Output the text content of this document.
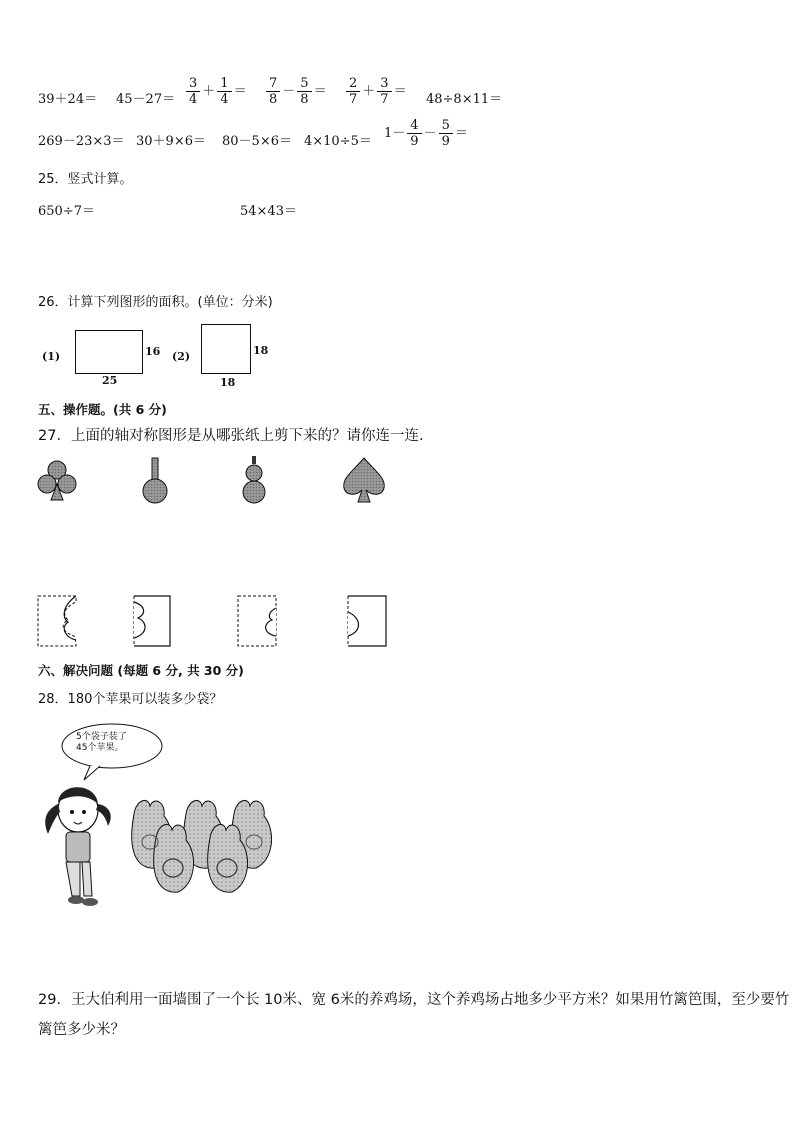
$39+24= 45-27= \frac{3}{4} + \frac{1}{4} = \frac{7}{8} - \frac{5}{8} = \frac{2}{7} + \frac{3}{7}$ ＝
48÷8×11＝
269－23×3＝ 30＋9×6＝ 80－5×6＝ 4×10÷5＝
$1- \frac{4}{9} - \frac{5}{9}$ ＝
25．竖式计算。
650÷7＝	54×43＝
26．计算下列图形的面积。(单位：分米)
(1)	16
25
(2)	18
18
五、操作题。(共 6 分)
27．上面的轴对称图形是从哪张纸上剪下来的？请你连一连.
六、解决问题 (每题 6 分, 共 30 分)
28．180个苹果可以装多少袋？
5个袋子装了
45个苹果。
29．王大伯利用一面墙围了一个长 10米、宽 6米的养鸡场，这个养鸡场占地多少平方米？如果用竹篱笆围，至少要竹
篱笆多少米？
